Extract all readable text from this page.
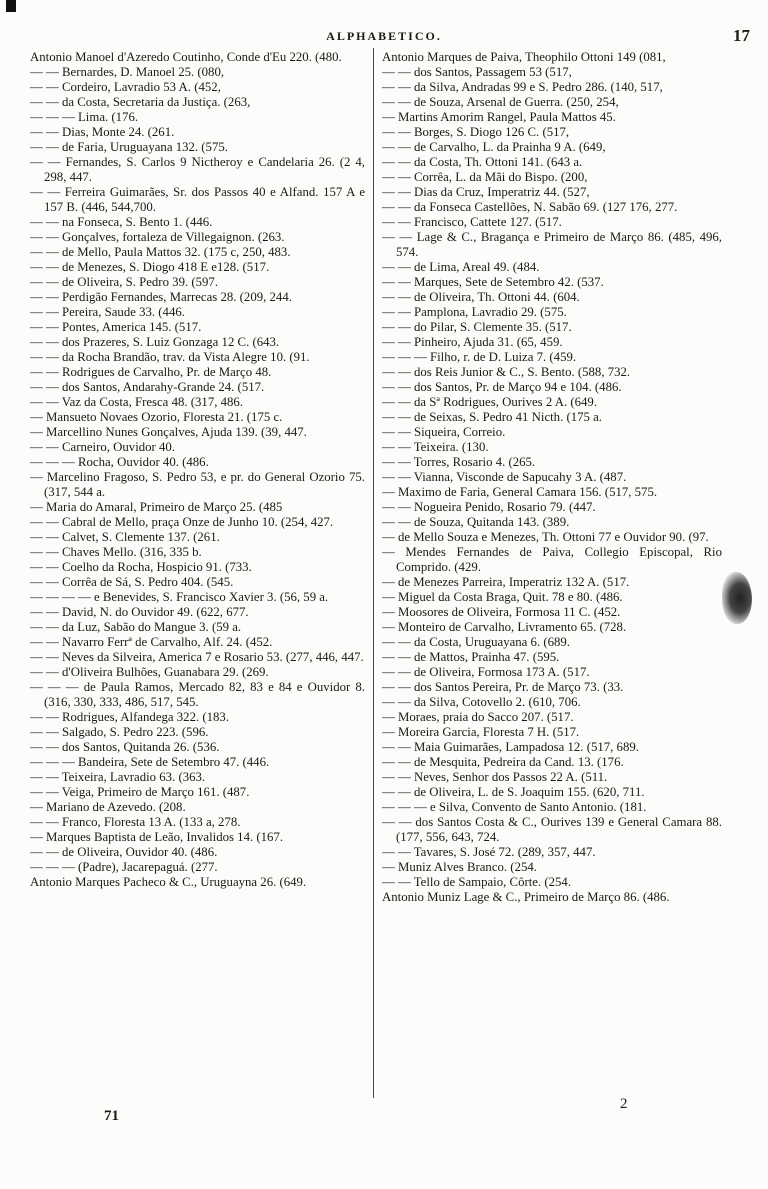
ALPHABETICO.	17

Antonio Manoel d'Azeredo Coutinho, Conde d'Eu 220. (480.

— — Bernardes, D. Manoel 25. (080,

— — Cordeiro, Lavradio 53 A. (452,

— — da Costa, Secretaria da Justiça. (263,

— — — Lima. (176.

— — Dias, Monte 24. (261.

— — de Faria, Uruguayana 132. (575.

— — Fernandes, S. Carlos 9 Nictheroy e Candelaria 26. (2 4, 298, 447.

— — Ferreira Guimarães, Sr. dos Passos 40 e Alfand. 157 A e 157 B. (446, 544,700.

— — na Fonseca, S. Bento 1. (446.

— — Gonçalves, fortaleza de Villegaignon. (263.

— — de Mello, Paula Mattos 32. (175 c, 250, 483.

— — de Menezes, S. Diogo 418 E e128. (517.

— — de Oliveira, S. Pedro 39. (597.

— — Perdigão Fernandes, Marrecas 28. (209, 244.

— — Pereira, Saude 33. (446.

— — Pontes, America 145. (517.

— — dos Prazeres, S. Luiz Gonzaga 12 C. (643.

— — da Rocha Brandão, trav. da Vista Alegre 10. (91.

— — Rodrigues de Carvalho, Pr. de Março 48.

— — dos Santos, Andarahy-Grande 24. (517.

— — Vaz da Costa, Fresca 48. (317, 486.

— Mansueto Novaes Ozorio, Floresta 21. (175 c.

— Marcellino Nunes Gonçalves, Ajuda 139. (39, 447.

— — Carneiro, Ouvidor 40.

— — — Rocha, Ouvidor 40. (486.

— Marcelino Fragoso, S. Pedro 53, e pr. do General Ozorio 75. (317, 544 a.

— Maria do Amaral, Primeiro de Março 25. (485

— — Cabral de Mello, praça Onze de Junho 10. (254, 427.

— — Calvet, S. Clemente 137. (261.

— — Chaves Mello. (316, 335 b.

— — Coelho da Rocha, Hospicio 91. (733.

— — Corrêa de Sá, S. Pedro 404. (545.

— — — — e Benevides, S. Francisco Xavier 3. (56, 59 a.

— — David, N. do Ouvidor 49. (622, 677.

— — da Luz, Sabão do Mangue 3. (59 a.

— — Navarro Ferrª de Carvalho, Alf. 24. (452.

— — Neves da Silveira, America 7 e Rosario 53. (277, 446, 447.

— — d'Oliveira Bulhões, Guanabara 29. (269.

— — — de Paula Ramos, Mercado 82, 83 e 84 e Ouvidor 8. (316, 330, 333, 486, 517, 545.

— — Rodrigues, Alfandega 322. (183.

— — Salgado, S. Pedro 223. (596.

— — dos Santos, Quitanda 26. (536.

— — — Bandeira, Sete de Setembro 47. (446.

— — Teixeira, Lavradio 63. (363.

— — Veiga, Primeiro de Março 161. (487.

— Mariano de Azevedo. (208.

— — Franco, Floresta 13 A. (133 a, 278.

— Marques Baptista de Leão, Invalidos 14. (167.

— — de Oliveira, Ouvidor 40. (486.

— — — (Padre), Jacarepaguá. (277.

Antonio Marques Pacheco & C., Uruguayna 26. (649.

Antonio Marques de Paiva, Theophilo Ottoni 149 (081,

— — dos Santos, Passagem 53 (517,

— — da Silva, Andradas 99 e S. Pedro 286. (140, 517,

— — de Souza, Arsenal de Guerra. (250, 254,

— Martins Amorim Rangel, Paula Mattos 45.

— — Borges, S. Diogo 126 C. (517,

— — de Carvalho, L. da Prainha 9 A. (649,

— — da Costa, Th. Ottoni 141. (643 a.

— — Corrêa, L. da Mãi do Bispo. (200,

— — Dias da Cruz, Imperatriz 44. (527,

— — da Fonseca Castellões, N. Sabão 69. (127 176, 277.

— — Francisco, Cattete 127. (517.

— — Lage & C., Bragança e Primeiro de Março 86. (485, 496, 574.

— — de Lima, Areal 49. (484.

— — Marques, Sete de Setembro 42. (537.

— — de Oliveira, Th. Ottoni 44. (604.

— — Pamplona, Lavradio 29. (575.

— — do Pilar, S. Clemente 35. (517.

— — Pinheiro, Ajuda 31. (65, 459.

— — — Filho, r. de D. Luiza 7. (459.

— — dos Reis Junior & C., S. Bento. (588, 732.

— — dos Santos, Pr. de Março 94 e 104. (486.

— — da Sª Rodrigues, Ourives 2 A. (649.

— — de Seixas, S. Pedro 41 Nicth. (175 a.

— — Siqueira, Correio.

— — Teixeira. (130.

— — Torres, Rosario 4. (265.

— — Vianna, Visconde de Sapucahy 3 A. (487.

— Maximo de Faria, General Camara 156. (517, 575.

— — Nogueira Penido, Rosario 79. (447.

— — de Souza, Quitanda 143. (389.

— de Mello Souza e Menezes, Th. Ottoni 77 e Ouvidor 90. (97.

— Mendes Fernandes de Paiva, Collegio Episcopal, Rio Comprido. (429.

— de Menezes Parreira, Imperatriz 132 A. (517.

— Miguel da Costa Braga, Quit. 78 e 80. (486.

— Moosores de Oliveira, Formosa 11 C. (452.

— Monteiro de Carvalho, Livramento 65. (728.

— — da Costa, Uruguayana 6. (689.

— — de Mattos, Prainha 47. (595.

— — de Oliveira, Formosa 173 A. (517.

— — dos Santos Pereira, Pr. de Março 73. (33.

— — da Silva, Cotovello 2. (610, 706.

— Moraes, praia do Sacco 207. (517.

— Moreira Garcia, Floresta 7 H. (517.

— — Maia Guimarães, Lampadosa 12. (517, 689.

— — de Mesquita, Pedreira da Cand. 13. (176.

— — Neves, Senhor dos Passos 22 A. (511.

— — de Oliveira, L. de S. Joaquim 155. (620, 711.

— — — e Silva, Convento de Santo Antonio. (181.

— — dos Santos Costa & C., Ourives 139 e General Camara 88. (177, 556, 643, 724.

— — Tavares, S. José 72. (289, 357, 447.

— Muniz Alves Branco. (254.

— — Tello de Sampaio, Côrte. (254.

Antonio Muniz Lage & C., Primeiro de Março 86. (486.

71
2
